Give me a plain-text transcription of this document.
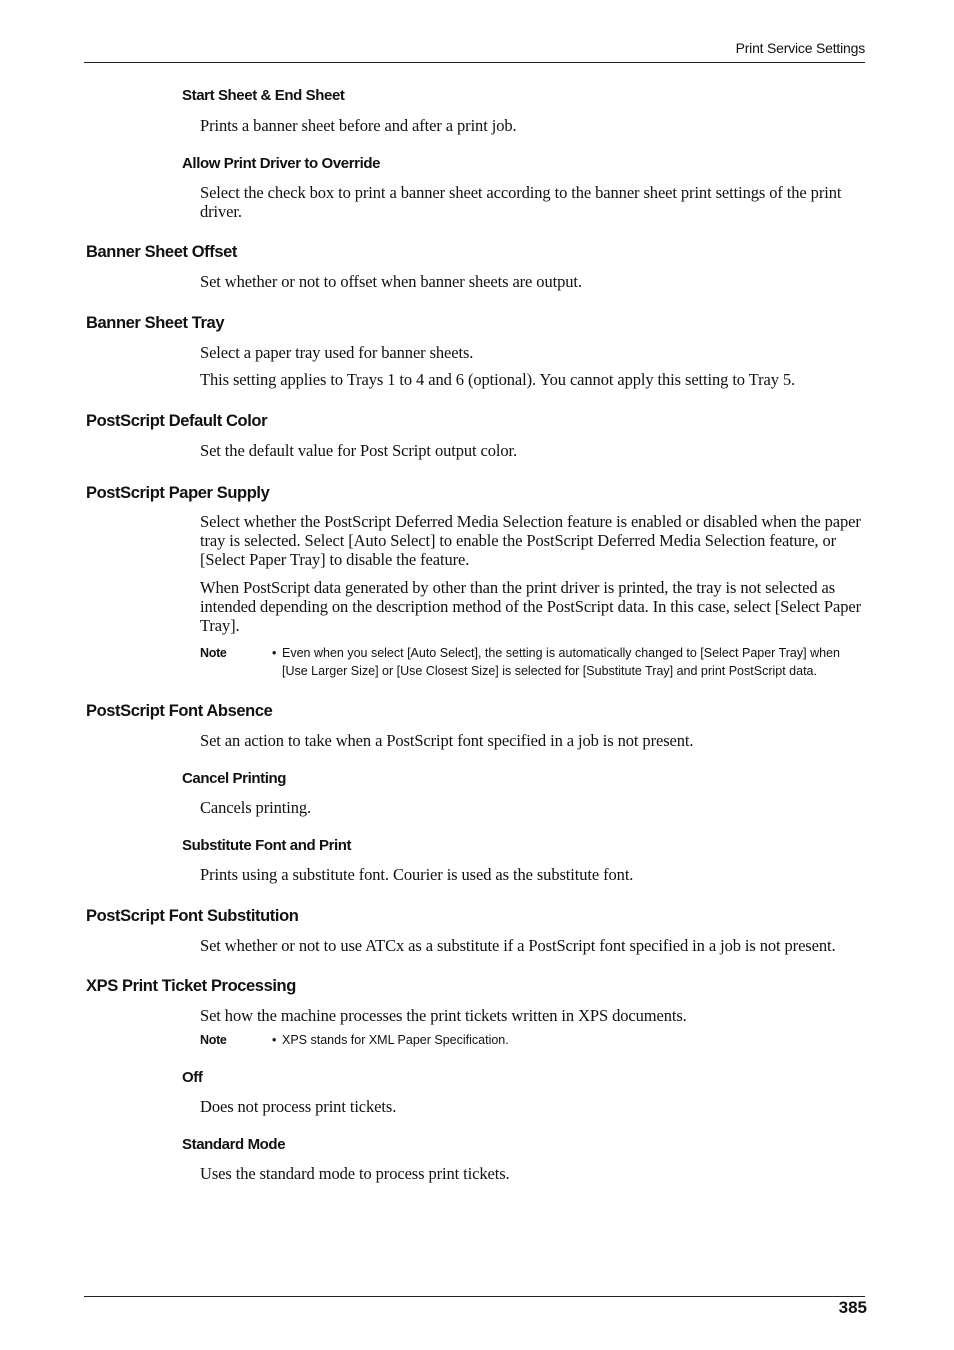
Print Service Settings
Start Sheet & End Sheet
Prints a banner sheet before and after a print job.
Allow Print Driver to Override
Select the check box to print a banner sheet according to the banner sheet print settings of the print driver.
Banner Sheet Offset
Set whether or not to offset when banner sheets are output.
Banner Sheet Tray
Select a paper tray used for banner sheets.
This setting applies to Trays 1 to 4 and 6 (optional). You cannot apply this setting to Tray 5.
PostScript Default Color
Set the default value for Post Script output color.
PostScript Paper Supply
Select whether the PostScript Deferred Media Selection feature is enabled or disabled when the paper tray is selected. Select [Auto Select] to enable the PostScript Deferred Media Selection feature, or [Select Paper Tray] to disable the feature.
When PostScript data generated by other than the print driver is printed, the tray is not selected as intended depending on the description method of the PostScript data. In this case, select [Select Paper Tray].
Note	• Even when you select [Auto Select], the setting is automatically changed to [Select Paper Tray] when [Use Larger Size] or [Use Closest Size] is selected for [Substitute Tray] and print PostScript data.
PostScript Font Absence
Set an action to take when a PostScript font specified in a job is not present.
Cancel Printing
Cancels printing.
Substitute Font and Print
Prints using a substitute font. Courier is used as the substitute font.
PostScript Font Substitution
Set whether or not to use ATCx as a substitute if a PostScript font specified in a job is not present.
XPS Print Ticket Processing
Set how the machine processes the print tickets written in XPS documents.
Note	• XPS stands for XML Paper Specification.
Off
Does not process print tickets.
Standard Mode
Uses the standard mode to process print tickets.
385
